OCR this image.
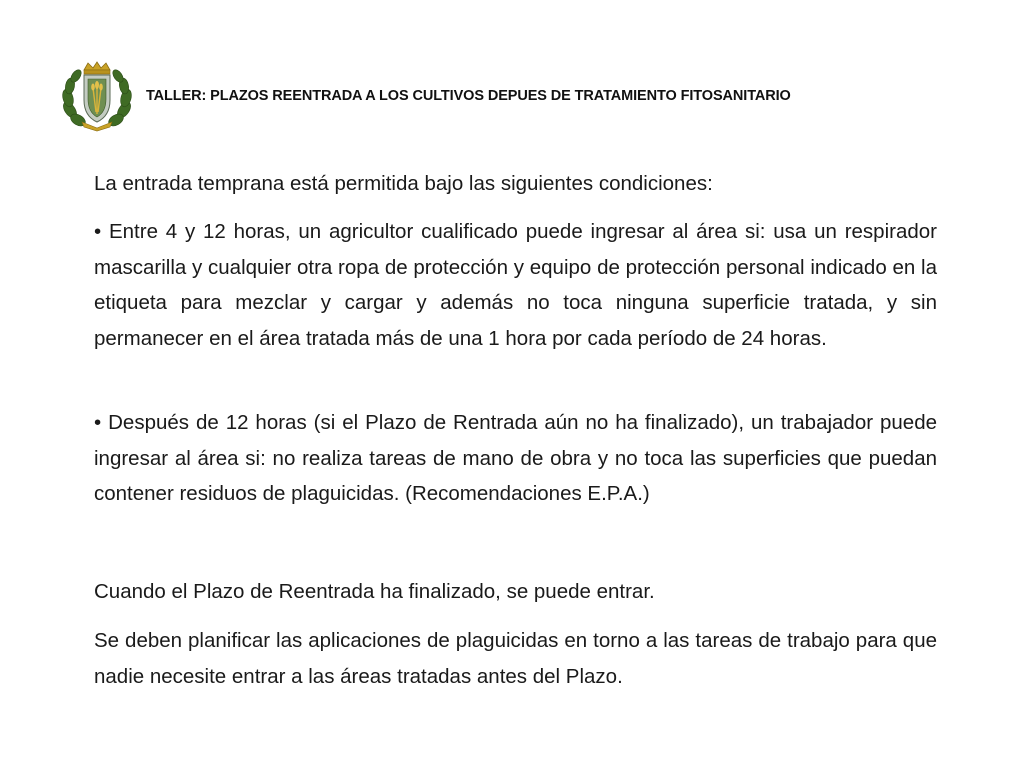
TALLER: PLAZOS REENTRADA A LOS CULTIVOS DEPUES DE TRATAMIENTO FITOSANITARIO
La entrada temprana está permitida bajo las siguientes condiciones:
• Entre 4 y 12 horas, un agricultor cualificado puede ingresar al área si: usa un respirador mascarilla y cualquier otra ropa de protección y equipo de protección personal indicado en la etiqueta para mezclar y cargar y además no toca ninguna superficie tratada, y sin permanecer en el área tratada más de una 1 hora por cada período de 24 horas.
• Después de 12 horas (si el Plazo de Rentrada aún no ha finalizado), un trabajador puede ingresar al área si: no realiza tareas de mano de obra y no toca las superficies que puedan contener residuos de plaguicidas. (Recomendaciones E.P.A.)
Cuando el Plazo de Reentrada ha finalizado, se puede entrar.
Se deben planificar las aplicaciones de plaguicidas en torno a las tareas de trabajo para que nadie necesite entrar a las áreas tratadas antes del Plazo.
